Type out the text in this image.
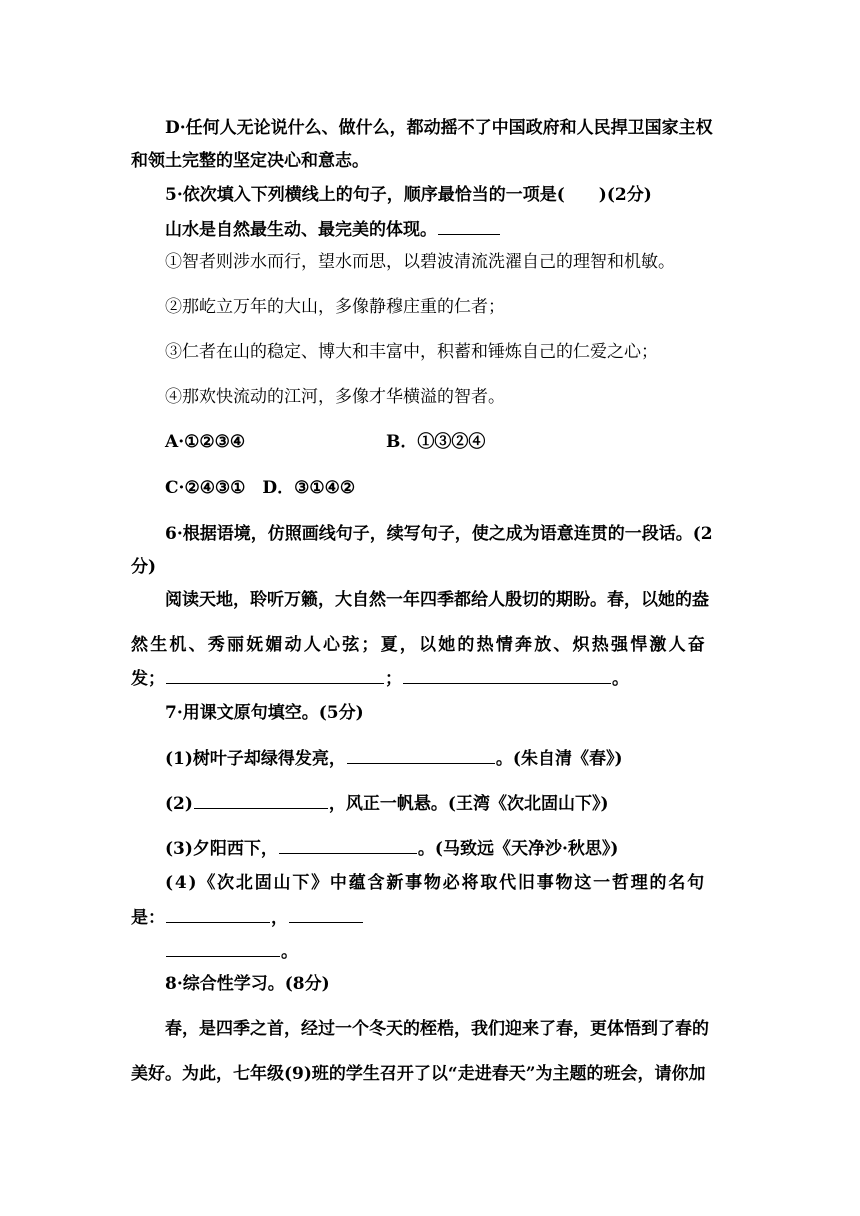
D·任何人无论说什么、做什么，都动摇不了中国政府和人民捍卫国家主权
和领土完整的坚定决心和意志。
5·依次填入下列横线上的句子，顺序最恰当的一项是(　　)(2分)
山水是自然最生动、最完美的体现。
①智者则涉水而行，望水而思，以碧波清流洗濯自己的理智和机敏。
②那屹立万年的大山，多像静穆庄重的仁者；
③仁者在山的稳定、博大和丰富中，积蓄和锤炼自己的仁爱之心；
④那欢快流动的江河，多像才华横溢的智者。
A·①②③④	B．①③②④
C·②④③①　D．③①④②
6·根据语境，仿照画线句子，续写句子，使之成为语意连贯的一段话。(2
分)
阅读天地，聆听万籁，大自然一年四季都给人殷切的期盼。春，以她的盎
然生机、秀丽妩媚动人心弦；夏，以她的热情奔放、炽热强悍激人奋
发；	；	。
7·用课文原句填空。(5分)
(1)树叶子却绿得发亮，	。(朱自清《春》)
(2)	，风正一帆悬。(王湾《次北固山下》)
(3)夕阳西下，	。(马致远《天净沙·秋思》)
(4)《次北固山下》中蕴含新事物必将取代旧事物这一哲理的名句
是：	，
。
8·综合性学习。(8分)
春，是四季之首，经过一个冬天的桎梏，我们迎来了春，更体悟到了春的
美好。为此，七年级(9)班的学生召开了以“走进春天”为主题的班会，请你加
